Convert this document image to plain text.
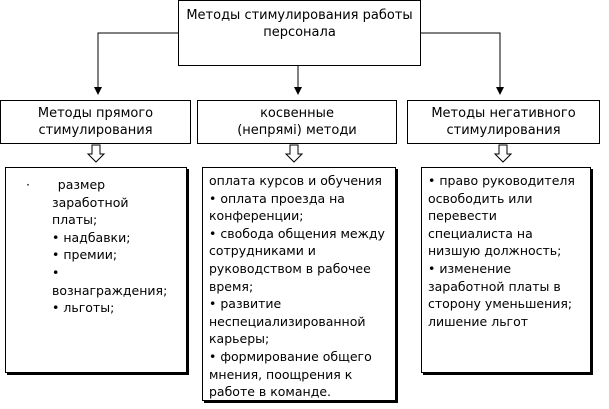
Методы стимулирования работы
персонала
Методы прямого
стимулирования
косвенные
(непрямі) методи
Методы негативного
стимулирования
·       размер
заработной
платы;
• надбавки;
• премии;
•
вознаграждения;
• льготы;
оплата курсов и обучения
• оплата проезда на
конференции;
• свобода общения между
сотрудниками и
руководством в рабочее
время;
• развитие
неспециализированной
карьеры;
• формирование общего
мнения, поощрения к
работе в команде.
• право руководителя
освободить или
перевести
специалиста на
низшую должность;
• изменение
заработной платы в
сторону уменьшения;
лишение льгот
